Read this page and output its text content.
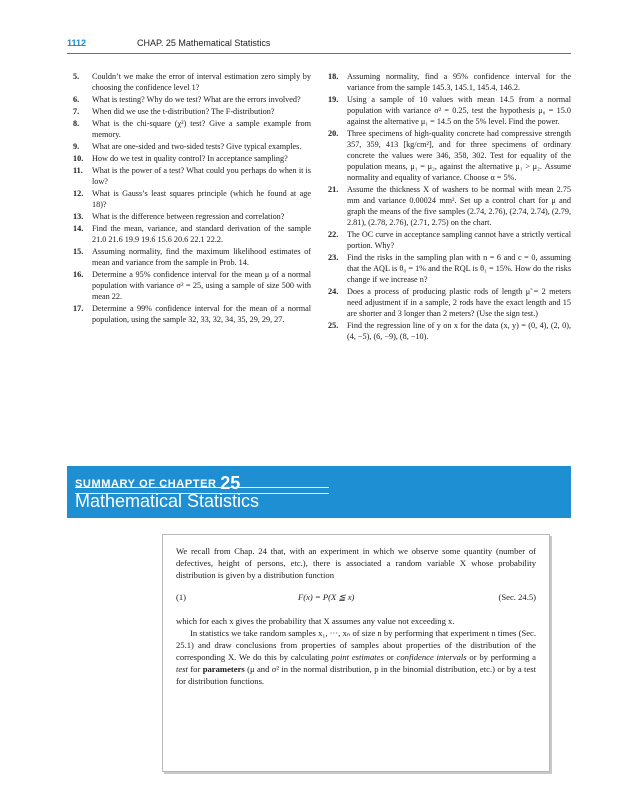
1112	CHAP. 25 Mathematical Statistics
5. Couldn’t we make the error of interval estimation zero simply by choosing the confidence level 1?
6. What is testing? Why do we test? What are the errors involved?
7. When did we use the t-distribution? The F-distribution?
8. What is the chi-square (χ²) test? Give a sample example from memory.
9. What are one-sided and two-sided tests? Give typical examples.
10. How do we test in quality control? In acceptance sampling?
11. What is the power of a test? What could you perhaps do when it is low?
12. What is Gauss’s least squares principle (which he found at age 18)?
13. What is the difference between regression and correlation?
14. Find the mean, variance, and standard derivation of the sample 21.0 21.6 19.9 19.6 15.6 20.6 22.1 22.2.
15. Assuming normality, find the maximum likelihood estimates of mean and variance from the sample in Prob. 14.
16. Determine a 95% confidence interval for the mean μ of a normal population with variance σ² = 25, using a sample of size 500 with mean 22.
17. Determine a 99% confidence interval for the mean of a normal population, using the sample 32, 33, 32, 34, 35, 29, 29, 27.
18. Assuming normality, find a 95% confidence interval for the variance from the sample 145.3, 145.1, 145.4, 146.2.
19. Using a sample of 10 values with mean 14.5 from a normal population with variance σ² = 0.25, test the hypothesis μ₀ = 15.0 against the alternative μ₁ = 14.5 on the 5% level. Find the power.
20. Three specimens of high-quality concrete had compressive strength 357, 359, 413 [kg/cm²], and for three specimens of ordinary concrete the values were 346, 358, 302. Test for equality of the population means, μ₁ = μ₂, against the alternative μ₁ > μ₂. Assume normality and equality of variance. Choose α = 5%.
21. Assume the thickness X of washers to be normal with mean 2.75 mm and variance 0.00024 mm². Set up a control chart for μ and graph the means of the five samples (2.74, 2.76), (2.74, 2.74), (2.79, 2.81), (2.78, 2.76), (2.71, 2.75) on the chart.
22. The OC curve in acceptance sampling cannot have a strictly vertical portion. Why?
23. Find the risks in the sampling plan with n = 6 and c = 0, assuming that the AQL is θ₀ = 1% and the RQL is θ₁ = 15%. How do the risks change if we increase n?
24. Does a process of producing plastic rods of length μ̃ = 2 meters need adjustment if in a sample, 2 rods have the exact length and 15 are shorter and 3 longer than 2 meters? (Use the sign test.)
25. Find the regression line of y on x for the data (x, y) = (0, 4), (2, 0), (4, −5), (6, −9), (8, −10).
SUMMARY OF CHAPTER 25
Mathematical Statistics
We recall from Chap. 24 that, with an experiment in which we observe some quantity (number of defectives, height of persons, etc.), there is associated a random variable X whose probability distribution is given by a distribution function
(1)	F(x) = P(X ≦ x)	(Sec. 24.5)
which for each x gives the probability that X assumes any value not exceeding x.
In statistics we take random samples x₁, ···, xₙ of size n by performing that experiment n times (Sec. 25.1) and draw conclusions from properties of samples about properties of the distribution of the corresponding X. We do this by calculating point estimates or confidence intervals or by performing a test for parameters (μ and σ² in the normal distribution, p in the binomial distribution, etc.) or by a test for distribution functions.
